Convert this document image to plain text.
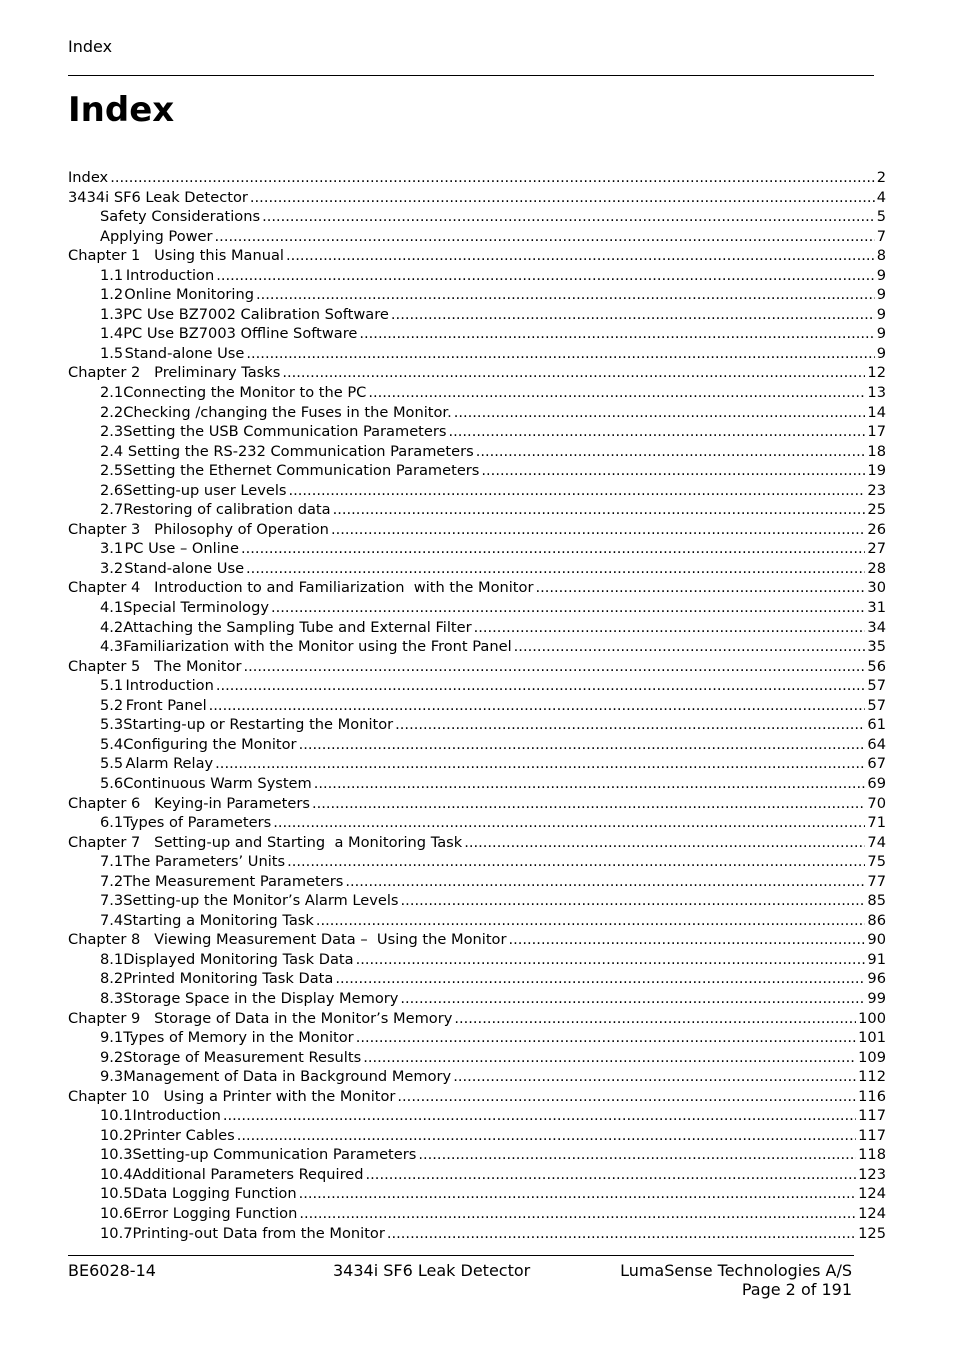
Index
Index
Index .....	2
3434i SF6 Leak Detector .....	4
Safety Considerations .....	5
Applying Power .....	7
Chapter 1   Using this Manual .....	8
1.1 Introduction .....	9
1.2 Online Monitoring .....	9
1.3 PC Use BZ7002 Calibration Software .....	9
1.4 PC Use BZ7003 Offline Software .....	9
1.5 Stand-alone Use .....	9
Chapter 2   Preliminary Tasks .....	12
2.1 Connecting the Monitor to the PC .....	13
2.2 Checking /changing the Fuses in the Monitor. .....	14
2.3 Setting the USB Communication Parameters .....	17
2.4 Setting the RS-232 Communication Parameters .....	18
2.5 Setting the Ethernet Communication Parameters .....	19
2.6 Setting-up user Levels .....	23
2.7 Restoring of calibration data .....	25
Chapter 3   Philosophy of Operation .....	26
3.1 PC Use – Online .....	27
3.2 Stand-alone Use .....	28
Chapter 4   Introduction to and Familiarization  with the Monitor .....	30
4.1 Special Terminology .....	31
4.2 Attaching the Sampling Tube and External Filter .....	34
4.3 Familiarization with the Monitor using the Front Panel .....	35
Chapter 5   The Monitor .....	56
5.1 Introduction .....	57
5.2 Front Panel .....	57
5.3 Starting-up or Restarting the Monitor .....	61
5.4 Configuring the Monitor .....	64
5.5 Alarm Relay .....	67
5.6 Continuous Warm System .....	69
Chapter 6   Keying-in Parameters .....	70
6.1 Types of Parameters .....	71
Chapter 7   Setting-up and Starting  a Monitoring Task .....	74
7.1 The Parameters’ Units .....	75
7.2 The Measurement Parameters .....	77
7.3 Setting-up the Monitor’s Alarm Levels .....	85
7.4 Starting a Monitoring Task .....	86
Chapter 8   Viewing Measurement Data –  Using the Monitor .....	90
8.1 Displayed Monitoring Task Data .....	91
8.2 Printed Monitoring Task Data .....	96
8.3 Storage Space in the Display Memory .....	99
Chapter 9   Storage of Data in the Monitor’s Memory .....	100
9.1 Types of Memory in the Monitor .....	101
9.2 Storage of Measurement Results .....	109
9.3 Management of Data in Background Memory .....	112
Chapter 10   Using a Printer with the Monitor .....	116
10.1 Introduction .....	117
10.2 Printer Cables .....	117
10.3 Setting-up Communication Parameters .....	118
10.4 Additional Parameters Required .....	123
10.5 Data Logging Function .....	124
10.6 Error Logging Function .....	124
10.7 Printing-out Data from the Monitor .....	125
BE6028-14	3434i SF6 Leak Detector	LumaSense Technologies A/S
Page 2 of 191
